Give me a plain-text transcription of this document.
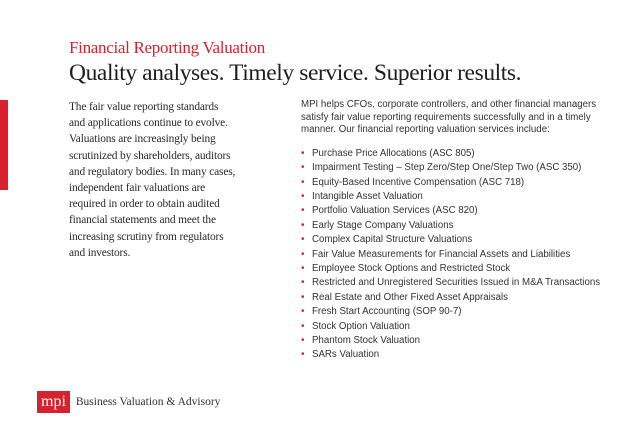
Financial Reporting Valuation
Quality analyses. Timely service. Superior results.
The fair value reporting standards
and applications continue to evolve.
Valuations are increasingly being
scrutinized by shareholders, auditors
and regulatory bodies. In many cases,
independent fair valuations are
required in order to obtain audited
financial statements and meet the
increasing scrutiny from regulators
and investors.

MPI helps CFOs, corporate controllers, and other financial managers satisfy fair value reporting requirements successfully and in a timely manner. Our financial reporting valuation services include:

• Purchase Price Allocations (ASC 805)
• Impairment Testing – Step Zero/Step One/Step Two (ASC 350)
• Equity-Based Incentive Compensation (ASC 718)
• Intangible Asset Valuation
• Portfolio Valuation Services (ASC 820)
• Early Stage Company Valuations
• Complex Capital Structure Valuations
• Fair Value Measurements for Financial Assets and Liabilities
• Employee Stock Options and Restricted Stock
• Restricted and Unregistered Securities Issued in M&A Transactions
• Real Estate and Other Fixed Asset Appraisals
• Fresh Start Accounting (SOP 90-7)
• Stock Option Valuation
• Phantom Stock Valuation
• SARs Valuation
mpi Business Valuation & Advisory
